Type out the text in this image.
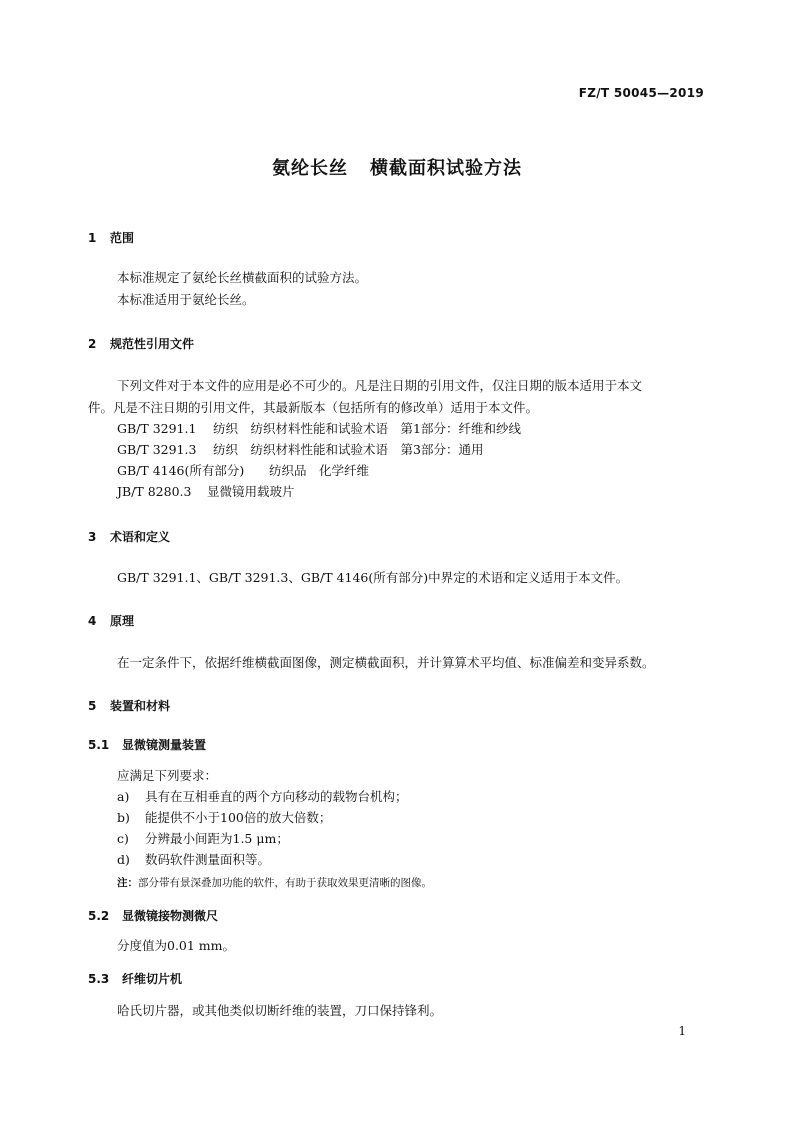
FZ/T 50045—2019
氨纶长丝 横截面积试验方法
1 范围
本标准规定了氨纶长丝横截面积的试验方法。
本标准适用于氨纶长丝。
2 规范性引用文件
下列文件对于本文件的应用是必不可少的。凡是注日期的引用文件，仅注日期的版本适用于本文
件。凡是不注日期的引用文件，其最新版本（包括所有的修改单）适用于本文件。
GB/T 3291.1 纺织　纺织材料性能和试验术语　第1部分：纤维和纱线
GB/T 3291.3 纺织　纺织材料性能和试验术语　第3部分：通用
GB/T 4146(所有部分) 纺织品　化学纤维
JB/T 8280.3 显微镜用载玻片
3 术语和定义
GB/T 3291.1、GB/T 3291.3、GB/T 4146(所有部分)中界定的术语和定义适用于本文件。
4 原理
在一定条件下，依据纤维横截面图像，测定横截面积，并计算算术平均值、标准偏差和变异系数。
5 装置和材料
5.1 显微镜测量装置
应满足下列要求：
a) 具有在互相垂直的两个方向移动的载物台机构；
b) 能提供不小于100倍的放大倍数；
c) 分辨最小间距为1.5 μm；
d) 数码软件测量面积等。
注：部分带有景深叠加功能的软件，有助于获取效果更清晰的图像。
5.2 显微镜接物测微尺
分度值为0.01 mm。
5.3 纤维切片机
哈氏切片器，或其他类似切断纤维的装置，刀口保持锋利。
1
